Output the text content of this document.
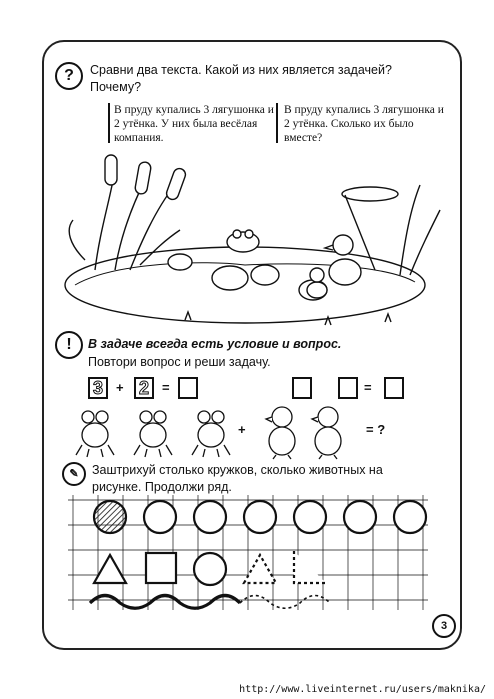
?	Сравни два текста. Какой из них является задачей? Почему?
В пруду купались 3 лягушонка и 2 утёнка. У них была весёлая компания.
В пруду купались 3 лягушонка и 2 утёнка. Сколько их было вместе?
!	В задаче всегда есть условие и вопрос.
Повтори вопрос и реши задачу.
3	+ 2	=	=
+	= ?
✎	Заштрихуй столько кружков, сколько животных на рисунке. Продолжи ряд.
3
http://www.liveinternet.ru/users/maknika/
